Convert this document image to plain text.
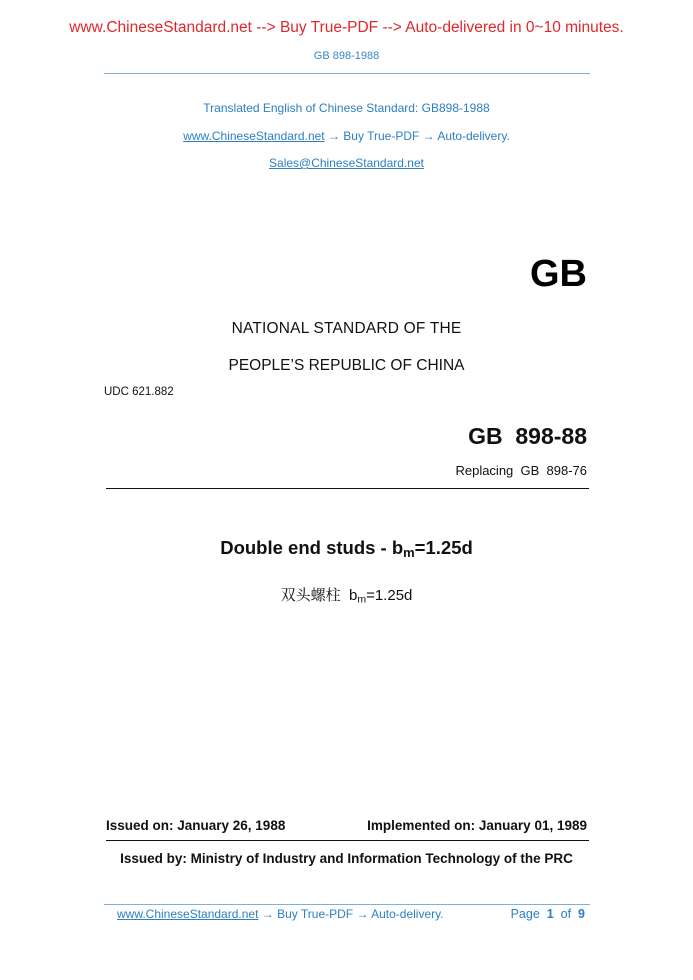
www.ChineseStandard.net --> Buy True-PDF --> Auto-delivered in 0~10 minutes.
GB 898-1988
Translated English of Chinese Standard: GB898-1988
www.ChineseStandard.net → Buy True-PDF → Auto-delivery.
Sales@ChineseStandard.net
GB
NATIONAL STANDARD OF THE
PEOPLE’S REPUBLIC OF CHINA
UDC 621.882
GB  898-88
Replacing  GB  898-76
Double end studs - $b_m=1.25d$
双头螺柱 $b_m=1.25d$
Issued on: January 26, 1988	Implemented on: January 01, 1989
Issued by: Ministry of Industry and Information Technology of the PRC
www.ChineseStandard.net → Buy True-PDF → Auto-delivery.	Page 1 of 9
